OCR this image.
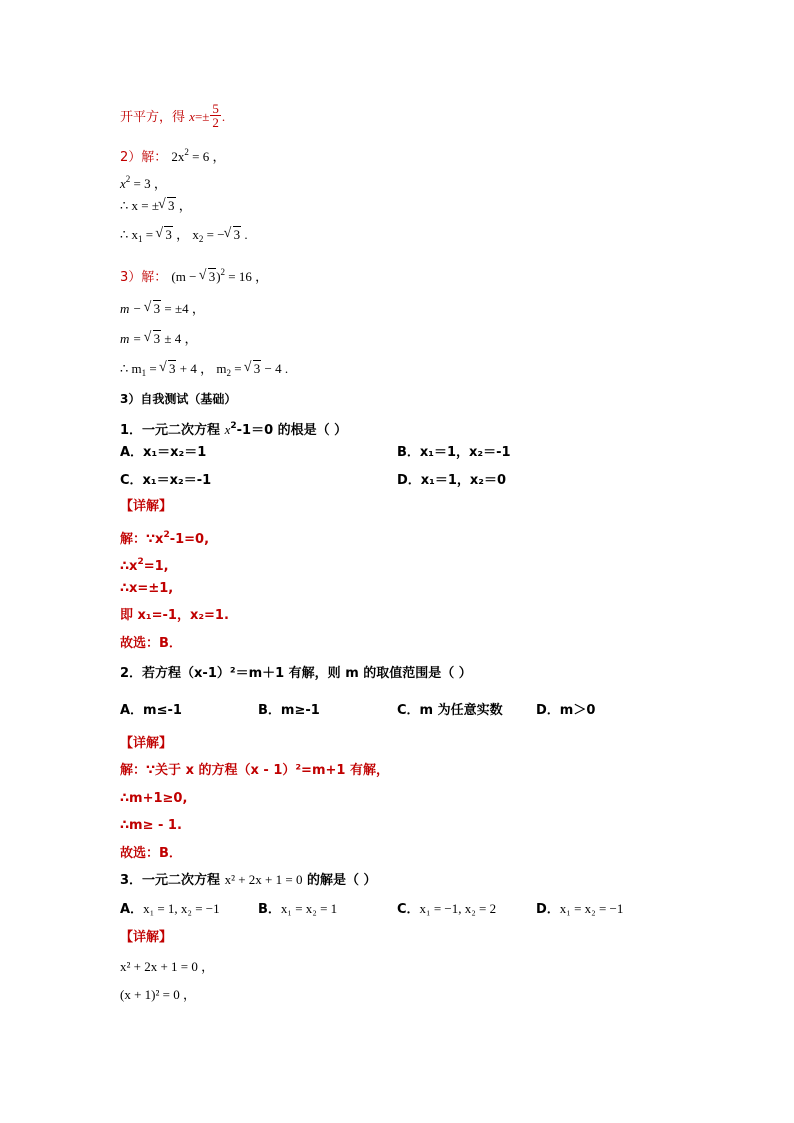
开平方，得 $x=\pm \frac{5}{2}$ .
2）解： $2x^2 = 6$ ，
$x^2 = 3$ ，
∴ x = ± √ 3 ，
∴ $x_1$ = √ 3 ， $x_2$ = − √ 3 .
3）解： (m − √ 3)$^2$ = 16 ，
m − √ 3 = ±4 ，
m = √ 3 ± 4 ，
∴ $m_1$ = √ 3 + 4 ， $m_2$ = √ 3 − 4 .
3）自我测试（基础）
1．一元二次方程 $x^2-1=0$ 的根是（ ）
A．x₁＝x₂＝1	B．x₁＝1，x₂＝-1
C．x₁＝x₂＝-1	D．x₁＝1，x₂＝0
【详解】
解：$\because x^2-1=0$,
$\therefore x^2=1$,
∴x=±1,
即 x₁=-1，x₂=1.
故选：B．
2．若方程（x-1）²＝m＋1 有解，则 m 的取值范围是（ ）
A．m≤-1	B．m≥-1	C．m 为任意实数	D．m＞0
【详解】
解：∵关于 x 的方程（x - 1）²=m+1 有解，
∴m+1≥0,
∴m≥ - 1.
故选：B．
3．一元二次方程 x² + 2x + 1 = 0 的解是（ ）
A．x₁ = 1, x₂ = −1	B．x₁ = x₂ = 1	C．x₁ = −1, x₂ = 2	D．x₁ = x₂ = −1
【详解】
x² + 2x + 1 = 0 ，
(x + 1)² = 0 ，
